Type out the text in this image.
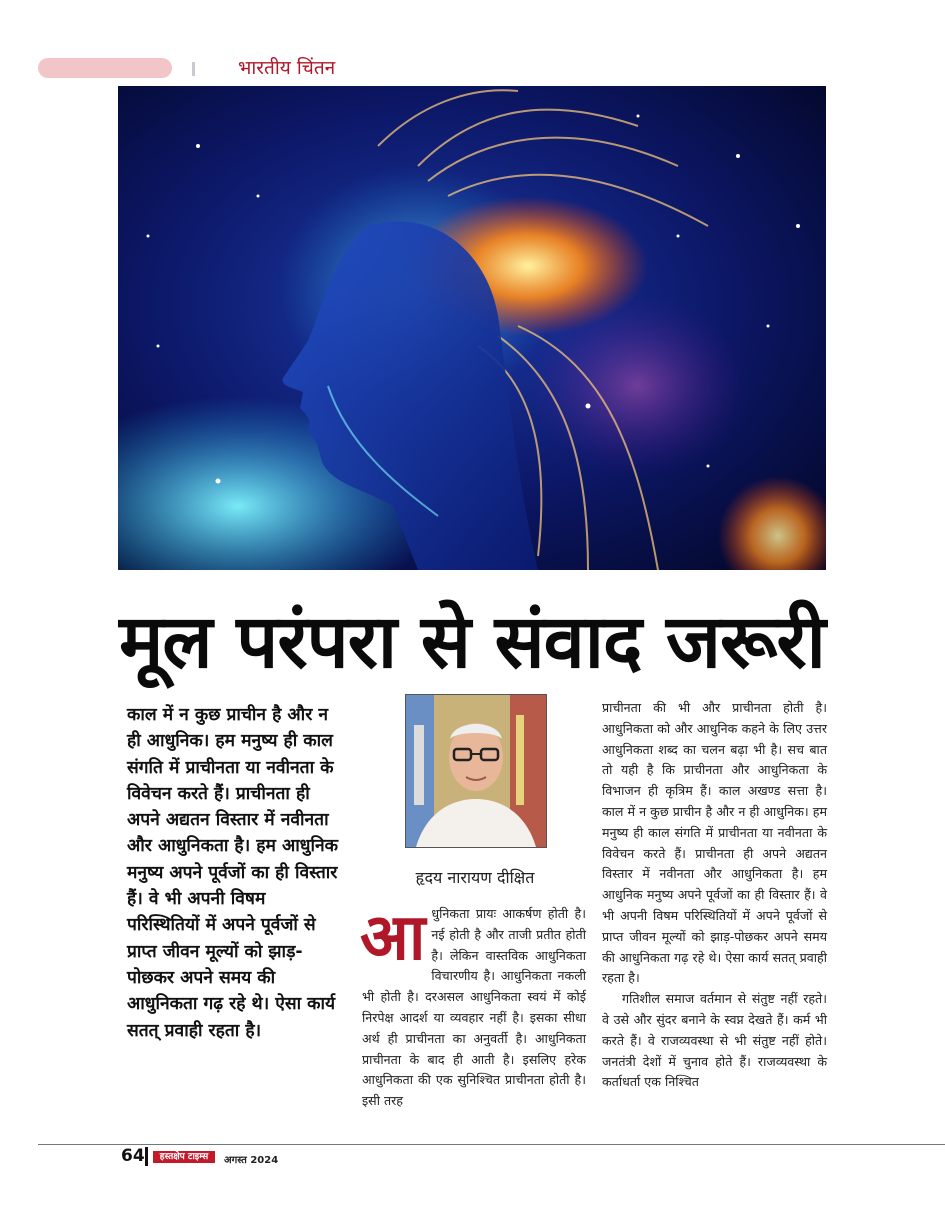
भारतीय चिंतन
मूल परंपरा से संवाद जरूरी
काल में न कुछ प्राचीन है और न ही आधुनिक। हम मनुष्य ही काल संगति में प्राचीनता या नवीनता के विवेचन करते हैं। प्राचीनता ही अपने अद्यतन विस्तार में नवीनता और आधुनिकता है। हम आधुनिक मनुष्य अपने पूर्वजों का ही विस्तार हैं। वे भी अपनी विषम परिस्थितियों में अपने पूर्वजों से प्राप्त जीवन मूल्यों को झाड़-पोछकर अपने समय की आधुनिकता गढ़ रहे थे। ऐसा कार्य सतत् प्रवाही रहता है।
हृदय नारायण दीक्षित
आधुनिकता प्रायः आकर्षण होती है। नई होती है और ताजी प्रतीत होती है। लेकिन वास्तविक आधुनिकता विचारणीय है। आधुनिकता नकली भी होती है। दरअसल आधुनिकता स्वयं में कोई निरपेक्ष आदर्श या व्यवहार नहीं है। इसका सीधा अर्थ ही प्राचीनता का अनुवर्ती है। आधुनिकता प्राचीनता के बाद ही आती है। इसलिए हरेक आधुनिकता की एक सुनिश्चित प्राचीनता होती है। इसी तरह

प्राचीनता की भी और प्राचीनता होती है। आधुनिकता को और आधुनिक कहने के लिए उत्तर आधुनिकता शब्द का चलन बढ़ा भी है। सच बात तो यही है कि प्राचीनता और आधुनिकता के विभाजन ही कृत्रिम हैं। काल अखण्ड सत्ता है। काल में न कुछ प्राचीन है और न ही आधुनिक। हम मनुष्य ही काल संगति में प्राचीनता या नवीनता के विवेचन करते हैं। प्राचीनता ही अपने अद्यतन विस्तार में नवीनता और आधुनिकता है। हम आधुनिक मनुष्य अपने पूर्वजों का ही विस्तार हैं। वे भी अपनी विषम परिस्थितियों में अपने पूर्वजों से प्राप्त जीवन मूल्यों को झाड़-पोछकर अपने समय की आधुनिकता गढ़ रहे थे। ऐसा कार्य सतत् प्रवाही रहता है।

गतिशील समाज वर्तमान से संतुष्ट नहीं रहते। वे उसे और सुंदर बनाने के स्वप्न देखते हैं। कर्म भी करते हैं। वे राजव्यवस्था से भी संतुष्ट नहीं होते। जनतंत्री देशों में चुनाव होते हैं। राजव्यवस्था के कर्ताधर्ता एक निश्चित

64	हस्तक्षेप टाइम्स	अगस्त 2024
